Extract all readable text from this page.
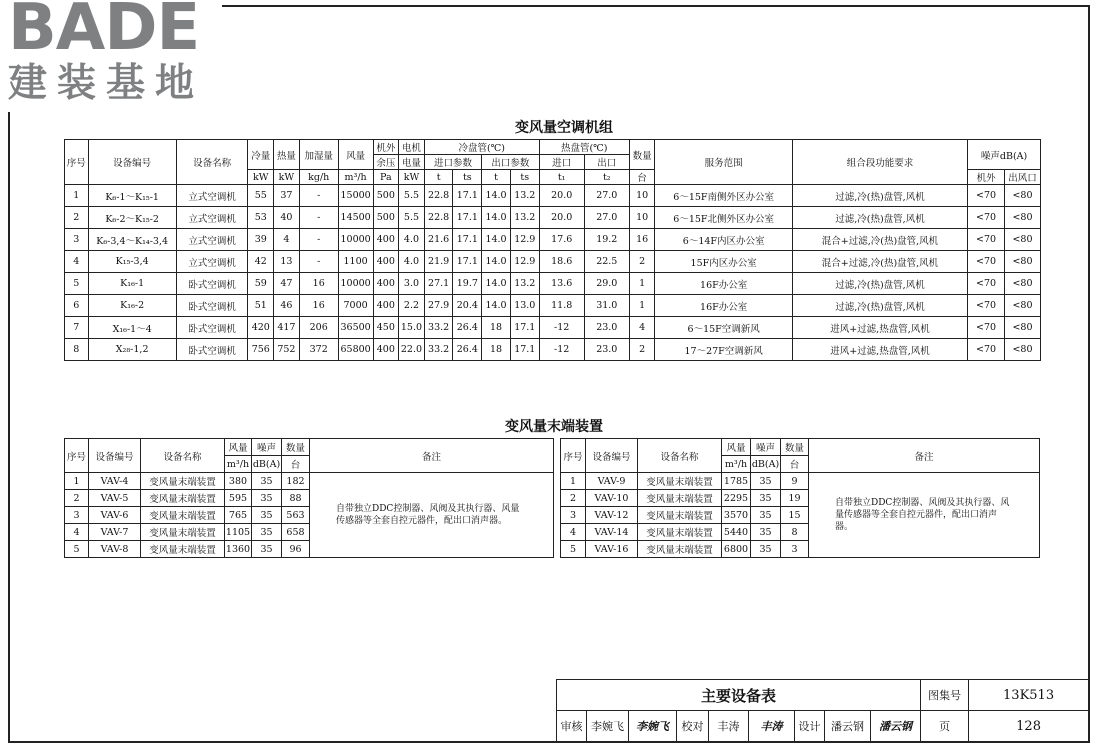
BADE
建装基地
变风量空调机组
序号	设备编号	设备名称	冷量	热量	加湿量	风量	机外	电机	冷盘管(℃)				热盘管(℃)		数量	服务范围	组合段功能要求	噪声dB(A)	
							余压	电量	进口参数		出口参数		进口	出口					
			kW	kW	kg/h	m³/h	Pa	kW	t	ts	t	ts	t₁	t₂	台			机外	出风口
1	K₆-1～K₁₅-1	立式空调机	55	37	-	15000	500	5.5	22.8	17.1	14.0	13.2	20.0	27.0	10	6～15F南侧外区办公室	过滤,冷(热)盘管,风机	<70	<80
2	K₆-2～K₁₅-2	立式空调机	53	40	-	14500	500	5.5	22.8	17.1	14.0	13.2	20.0	27.0	10	6～15F北侧外区办公室	过滤,冷(热)盘管,风机	<70	<80
3	K₆-3,4～K₁₄-3,4	立式空调机	39	4	-	10000	400	4.0	21.6	17.1	14.0	12.9	17.6	19.2	16	6～14F内区办公室	混合+过滤,冷(热)盘管,风机	<70	<80
4	K₁₅-3,4	立式空调机	42	13	-	1100	400	4.0	21.9	17.1	14.0	12.9	18.6	22.5	2	15F内区办公室	混合+过滤,冷(热)盘管,风机	<70	<80
5	K₁₆-1	卧式空调机	59	47	16	10000	400	3.0	27.1	19.7	14.0	13.2	13.6	29.0	1	16F办公室	过滤,冷(热)盘管,风机	<70	<80
6	K₁₆-2	卧式空调机	51	46	16	7000	400	2.2	27.9	20.4	14.0	13.0	11.8	31.0	1	16F办公室	过滤,冷(热)盘管,风机	<70	<80
7	X₁₆-1～4	卧式空调机	420	417	206	36500	450	15.0	33.2	26.4	18	17.1	-12	23.0	4	6～15F空调新风	进风+过滤,热盘管,风机	<70	<80
8	X₂₈-1,2	卧式空调机	756	752	372	65800	400	22.0	33.2	26.4	18	17.1	-12	23.0	2	17～27F空调新风	进风+过滤,热盘管,风机	<70	<80
变风量末端装置
序号	设备编号	设备名称	风量	噪声	数量
			m³/h	dB(A)	台
1	VAV-4	变风量末端装置	380	35	182
2	VAV-5	变风量末端装置	595	35	88
3	VAV-6	变风量末端装置	765	35	563
4	VAV-7	变风量末端装置	1105	35	658
5	VAV-8	变风量末端装置	1360	35	96
备注
自带独立DDC控制器、风阀及其执行器、风量传感器等全套自控元器件，配出口消声器。
序号	设备编号	设备名称	风量	噪声	数量
			m³/h	dB(A)	台
1	VAV-9	变风量末端装置	1785	35	9
2	VAV-10	变风量末端装置	2295	35	19
3	VAV-12	变风量末端装置	3570	35	15
4	VAV-14	变风量末端装置	5440	35	8
5	VAV-16	变风量末端装置	6800	35	3
备注
自带独立DDC控制器、风阀及其执行器、风量传感器等全套自控元器件，配出口消声器。
主要设备表									图集号	13K513
审核	李婉飞	李婉飞	校对	丰涛	丰涛	设计	潘云钢	潘云钢	页	128
